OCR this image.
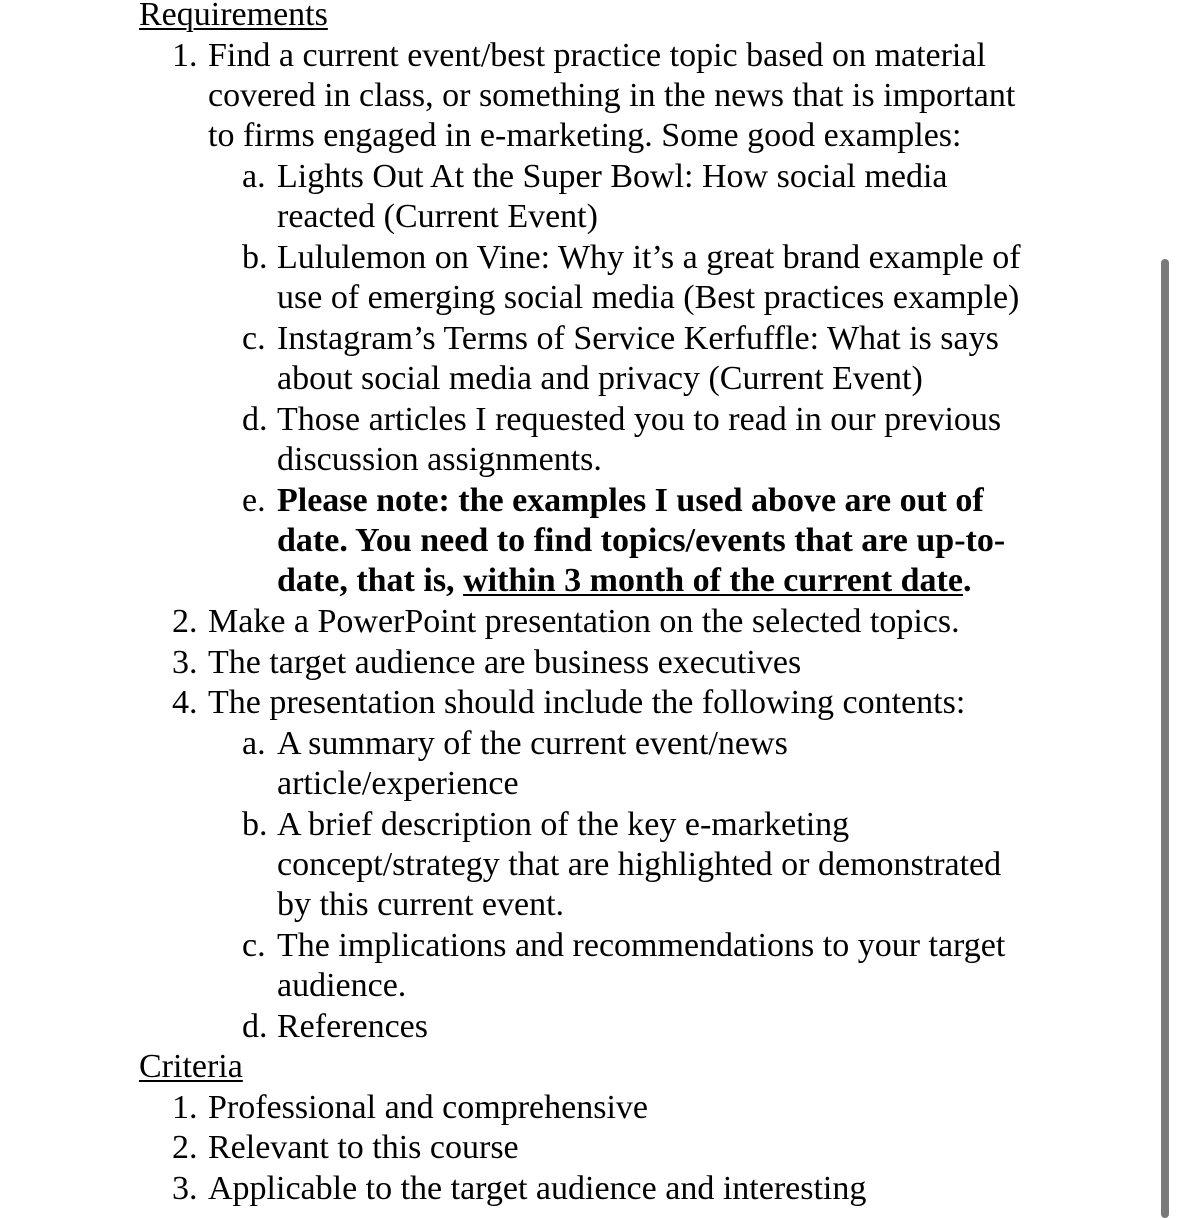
Requirements
1. Find a current event/best practice topic based on material
covered in class, or something in the news that is important
to firms engaged in e-marketing. Some good examples:
a. Lights Out At the Super Bowl: How social media
reacted (Current Event)
b. Lululemon on Vine: Why it’s a great brand example of
use of emerging social media (Best practices example)
c. Instagram’s Terms of Service Kerfuffle: What is says
about social media and privacy (Current Event)
d. Those articles I requested you to read in our previous
discussion assignments.
e. Please note: the examples I used above are out of
date. You need to find topics/events that are up-to-
date, that is, within 3 month of the current date.
2. Make a PowerPoint presentation on the selected topics.
3. The target audience are business executives
4. The presentation should include the following contents:
a. A summary of the current event/news
article/experience
b. A brief description of the key e-marketing
concept/strategy that are highlighted or demonstrated
by this current event.
c. The implications and recommendations to your target
audience.
d. References
Criteria
1. Professional and comprehensive
2. Relevant to this course
3. Applicable to the target audience and interesting
